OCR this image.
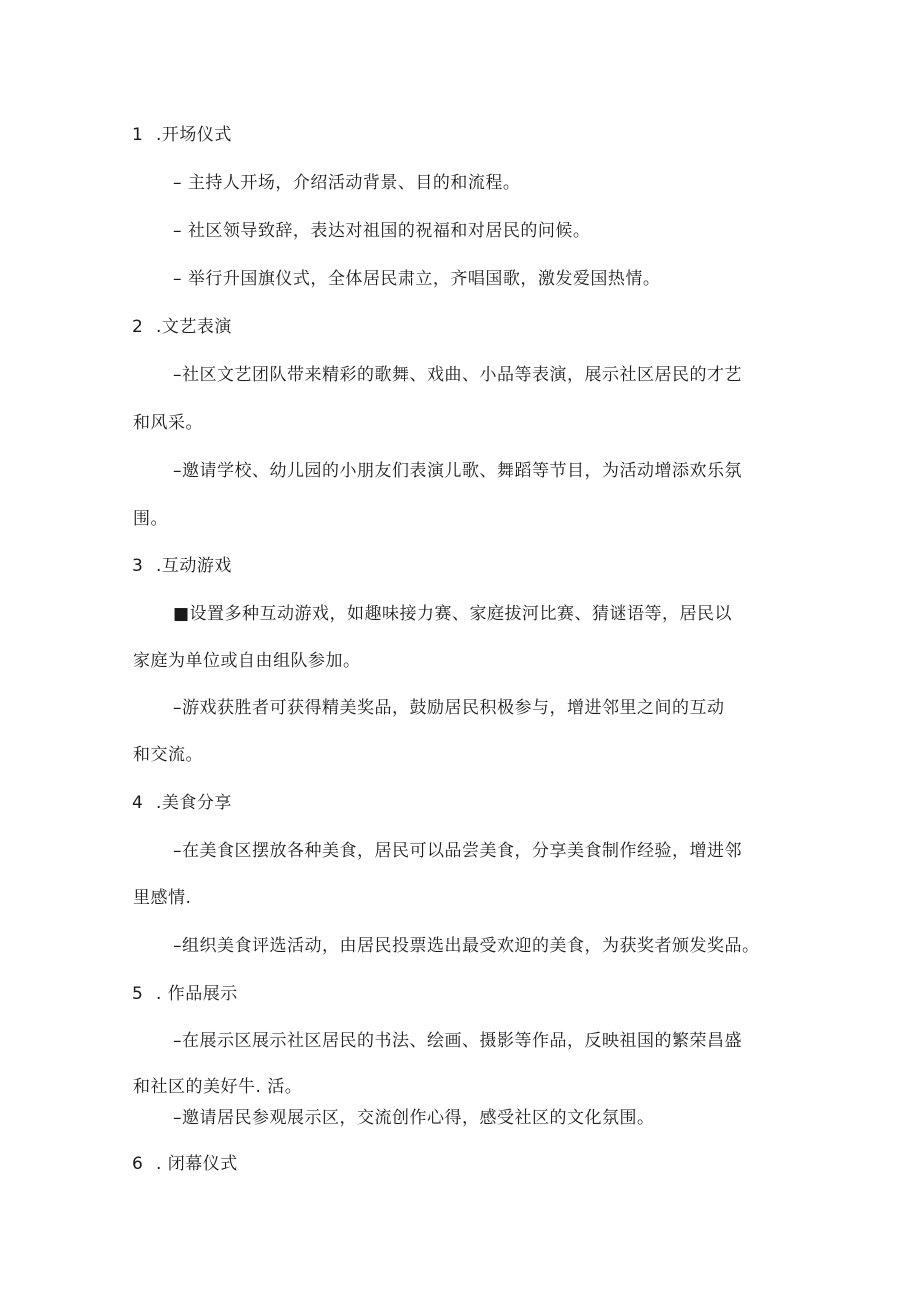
1 .开场仪式
– 主持人开场，介绍活动背景、目的和流程。
– 社区领导致辞，表达对祖国的祝福和对居民的问候。
– 举行升国旗仪式，全体居民肃立，齐唱国歌，激发爱国热情。
2 .文艺表演
–社区文艺团队带来精彩的歌舞、戏曲、小品等表演，展示社区居民的才艺
和风采。
–邀请学校、幼儿园的小朋友们表演儿歌、舞蹈等节目，为活动增添欢乐氛
围。
3 .互动游戏
■设置多种互动游戏，如趣味接力赛、家庭拔河比赛、猜谜语等，居民以
家庭为单位或自由组队参加。
–游戏获胜者可获得精美奖品，鼓励居民积极参与，增进邻里之间的互动
和交流。
4 .美食分享
–在美食区摆放各种美食，居民可以品尝美食，分享美食制作经验，增进邻
里感情.
–组织美食评选活动，由居民投票选出最受欢迎的美食，为获奖者颁发奖品。
5 . 作品展示
–在展示区展示社区居民的书法、绘画、摄影等作品，反映祖国的繁荣昌盛
和社区的美好牛. 活。
–邀请居民参观展示区，交流创作心得，感受社区的文化氛围。
6 . 闭幕仪式
